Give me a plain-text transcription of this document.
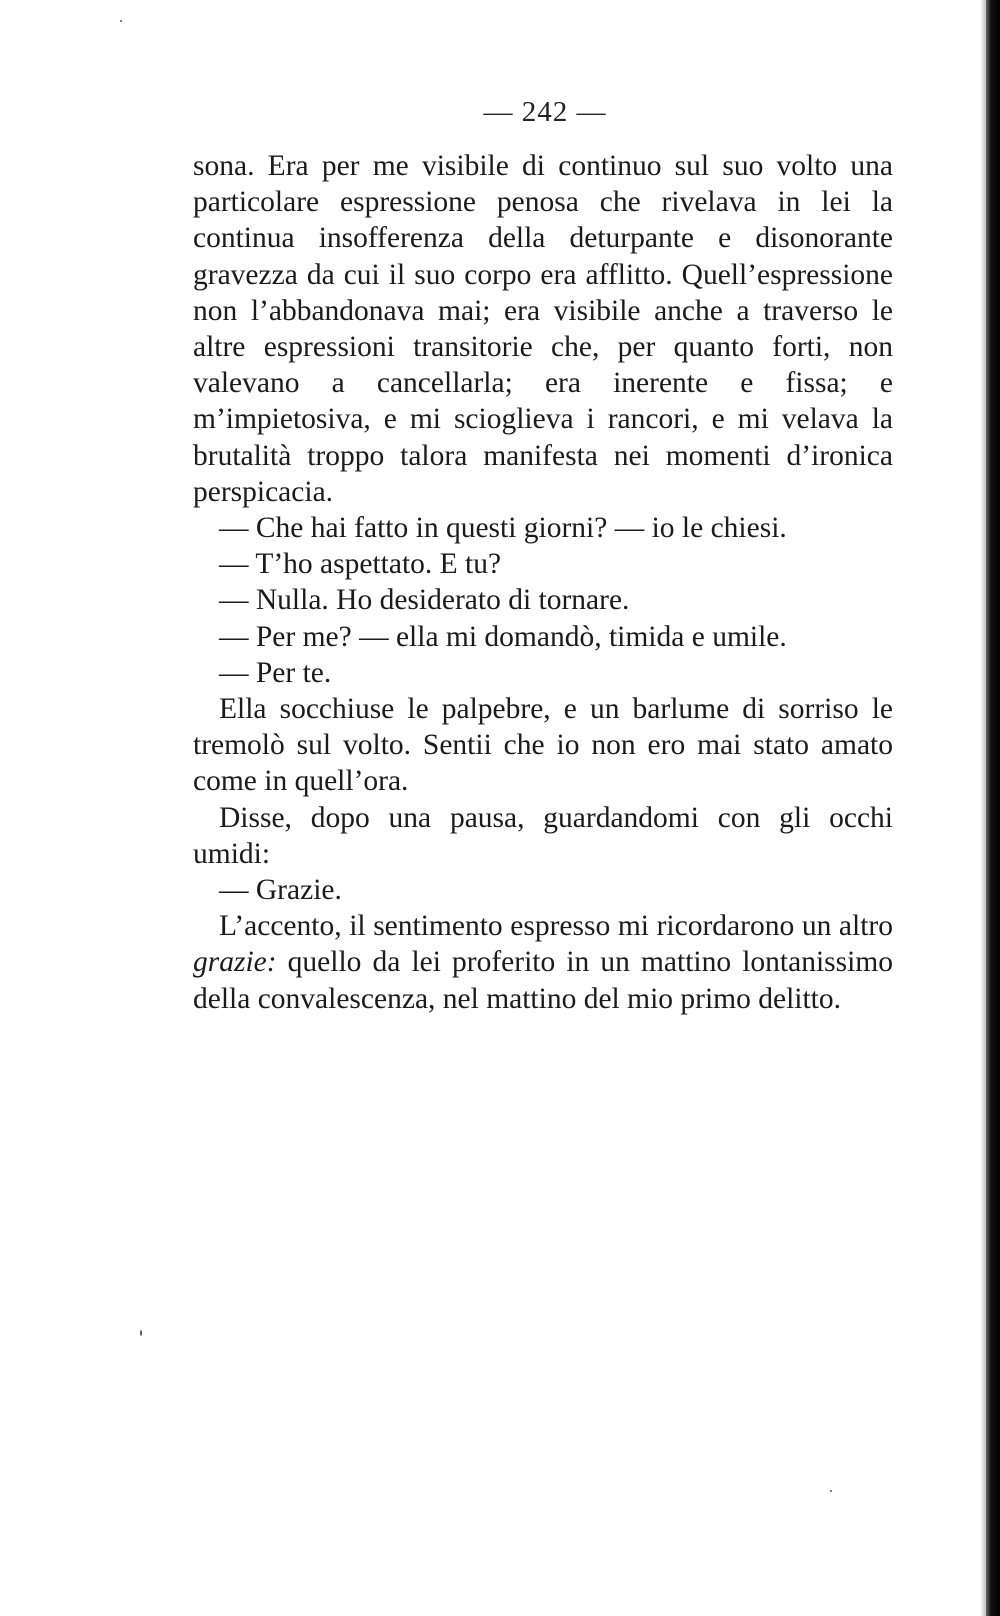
— 242 —

sona. Era per me visibile di continuo sul suo volto una particolare espressione penosa che rivelava in lei la continua insofferenza della deturpante e disonorante gravezza da cui il suo corpo era afflitto. Quell’espressione non l’abbandonava mai; era visibile anche a traverso le altre espressioni transitorie che, per quanto forti, non valevano a cancellarla; era inerente e fissa; e m’impietosiva, e mi scioglieva i rancori, e mi velava la brutalità troppo talora manifesta nei momenti d’ironica perspicacia.

— Che hai fatto in questi giorni? — io le chiesi.

— T’ho aspettato. E tu?

— Nulla. Ho desiderato di tornare.

— Per me? — ella mi domandò, timida e umile.

— Per te.

Ella socchiuse le palpebre, e un barlume di sorriso le tremolò sul volto. Sentii che io non ero mai stato amato come in quell’ora.

Disse, dopo una pausa, guardandomi con gli occhi umidi:

— Grazie.

L’accento, il sentimento espresso mi ricordarono un altro grazie: quello da lei proferito in un mattino lontanissimo della convalescenza, nel mattino del mio primo delitto.
